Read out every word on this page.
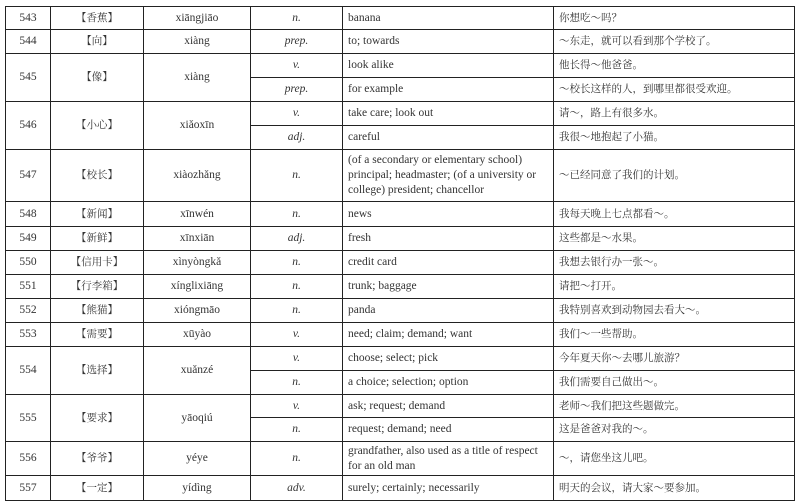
543	【香蕉】	xiāngjiāo	n.	banana	你想吃～吗？
544	【向】	xiàng	prep.	to; towards	～东走，就可以看到那个学校了。
545	【像】	xiàng	v.	look alike	他长得～他爸爸。
			prep.	for example	～校长这样的人，到哪里都很受欢迎。
546	【小心】	xiǎoxīn	v.	take care; look out	请～，路上有很多水。
			adj.	careful	我很～地抱起了小猫。
547	【校长】	xiàozhǎng	n.	(of a secondary or elementary school) principal; headmaster; (of a university or college) president; chancellor	～已经同意了我们的计划。
548	【新闻】	xīnwén	n.	news	我每天晚上七点都看～。
549	【新鲜】	xīnxiān	adj.	fresh	这些都是～水果。
550	【信用卡】	xìnyòngkǎ	n.	credit card	我想去银行办一张～。
551	【行李箱】	xínglixiāng	n.	trunk; baggage	请把～打开。
552	【熊猫】	xióngmāo	n.	panda	我特别喜欢到动物园去看大～。
553	【需要】	xūyào	v.	need; claim; demand; want	我们～一些帮助。
554	【选择】	xuǎnzé	v.	choose; select; pick	今年夏天你～去哪儿旅游？
			n.	a choice; selection; option	我们需要自己做出～。
555	【要求】	yāoqiú	v.	ask; request; demand	老师～我们把这些题做完。
			n.	request; demand; need	这是爸爸对我的～。
556	【爷爷】	yéye	n.	grandfather, also used as a title of respect for an old man	～，请您坐这儿吧。
557	【一定】	yídìng	adv.	surely; certainly; necessarily	明天的会议，请大家～要参加。
